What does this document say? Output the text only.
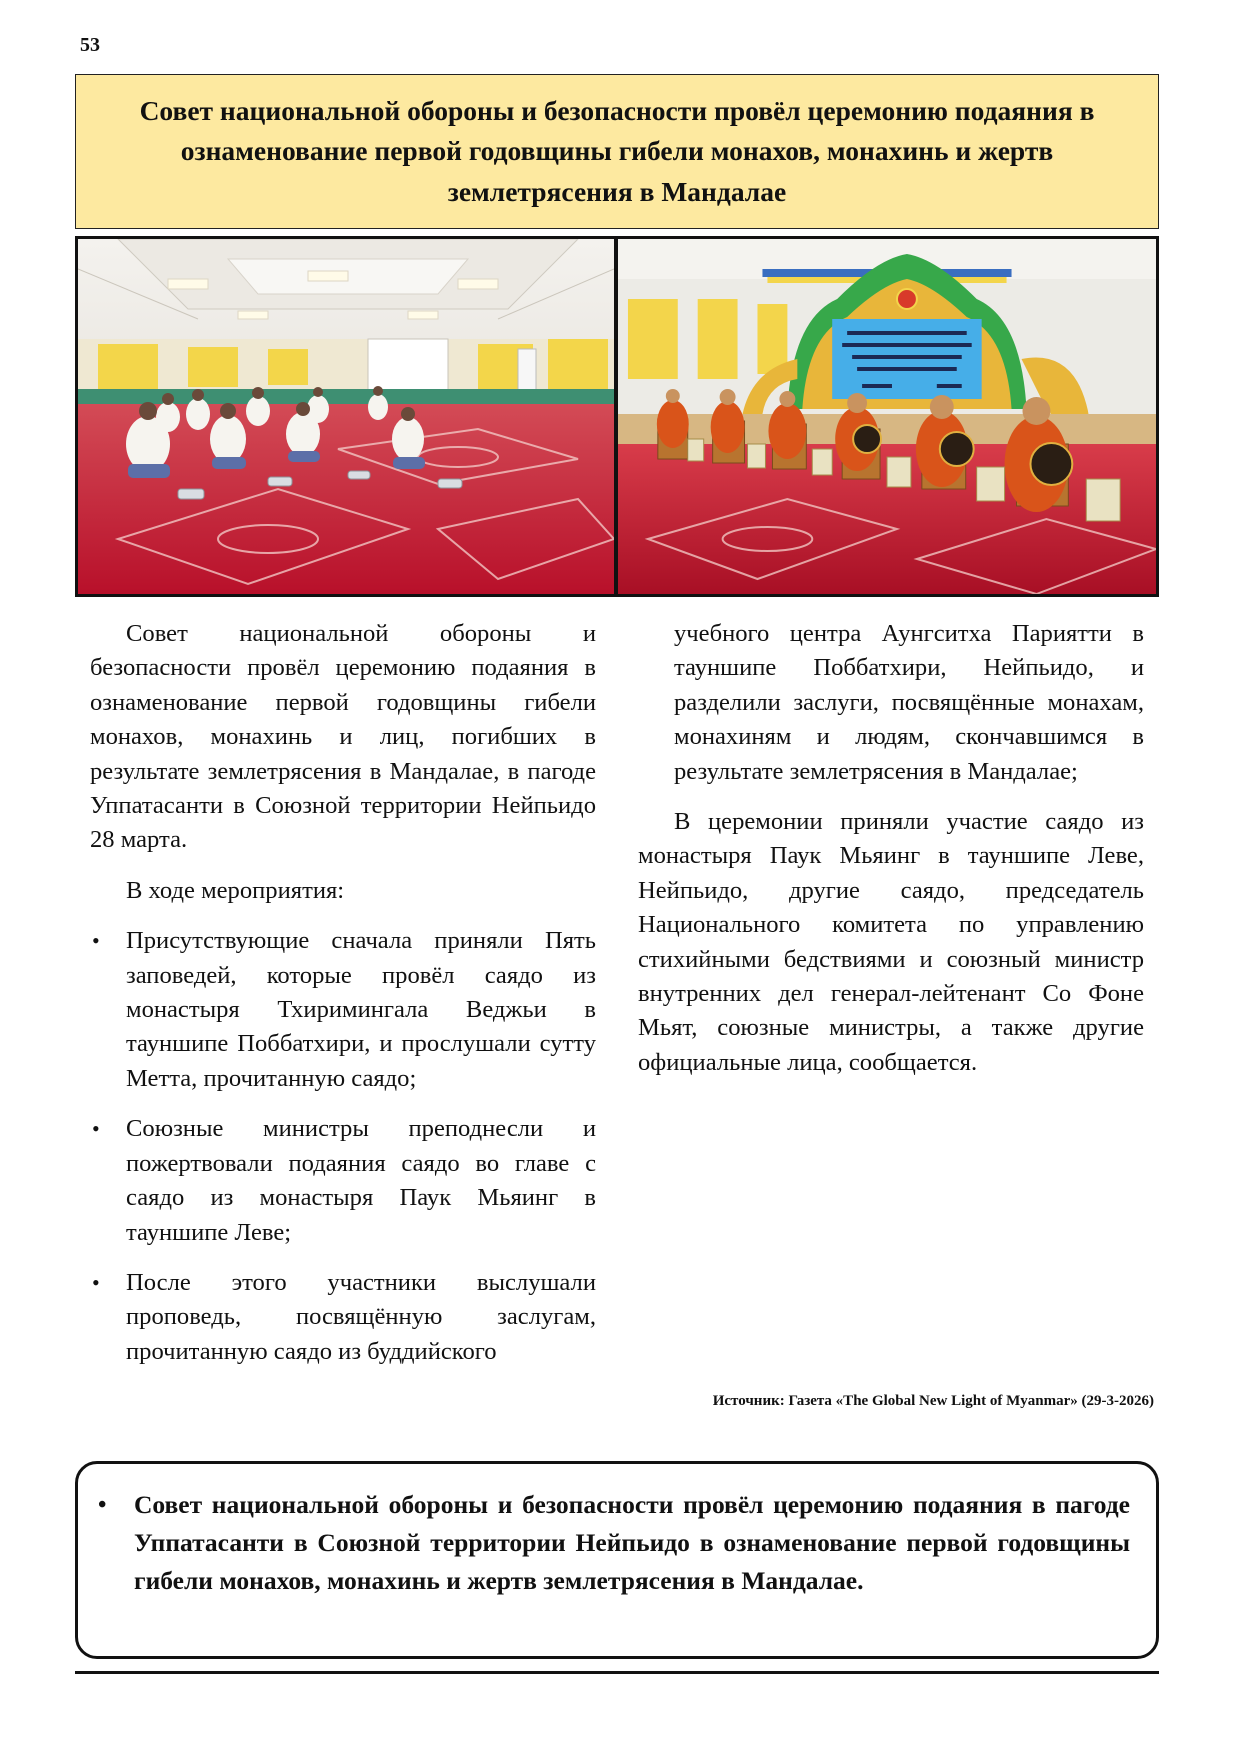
53
Совет национальной обороны и безопасности провёл церемонию подаяния в ознаменование первой годовщины гибели монахов, монахинь и жертв землетрясения в Мандалае

Совет национальной обороны и безопасности провёл церемонию подаяния в ознаменование первой годовщины гибели монахов, монахинь и лиц, погибших в результате землетрясения в Мандалае, в пагоде Уппатасанти в Союзной территории Нейпьидо 28 марта.

В ходе мероприятия:

• Присутствующие сначала приняли Пять заповедей, которые провёл саядо из монастыря Тхиримингала Веджьи в тауншипе Поббатхири, и прослушали сутту Метта, прочитанную саядо;
• Союзные министры преподнесли и пожертвовали подаяния саядо во главе с саядо из монастыря Паук Мьяинг в тауншипе Леве;
• После этого участники выслушали проповедь, посвящённую заслугам, прочитанную саядо из буддийского

учебного центра Аунгситха Париятти в тауншипе Поббатхири, Нейпьидо, и разделили заслуги, посвящённые монахам, монахиням и людям, скончавшимся в результате землетрясения в Мандалае;

В церемонии приняли участие саядо из монастыря Паук Мьяинг в тауншипе Леве, Нейпьидо, другие саядо, председатель Национального комитета по управлению стихийными бедствиями и союзный министр внутренних дел генерал-лейтенант Со Фоне Мьят, союзные министры, а также другие официальные лица, сообщается.

Источник: Газета «The Global New Light of Myanmar» (29-3-2026)

• Совет национальной обороны и безопасности провёл церемонию подаяния в пагоде Уппатасанти в Союзной территории Нейпьидо в ознаменование первой годовщины гибели монахов, монахинь и жертв землетрясения в Мандалае.
